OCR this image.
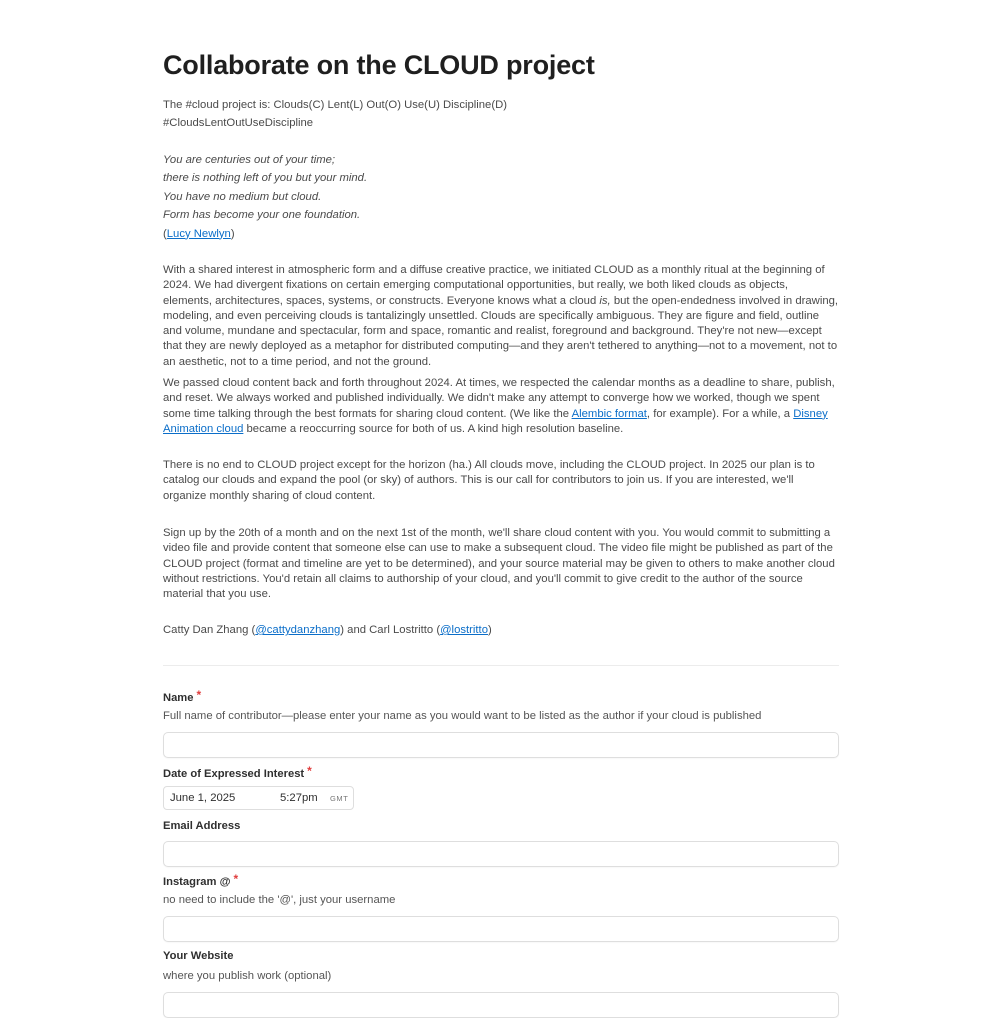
Collaborate on the CLOUD project

The #cloud project is: Clouds(C) Lent(L) Out(O) Use(U) Discipline(D)

#CloudsLentOutUseDiscipline

You are centuries out of your time;

there is nothing left of you but your mind.

You have no medium but cloud.

Form has become your one foundation.

(Lucy Newlyn)

With a shared interest in atmospheric form and a diffuse creative practice, we initiated CLOUD as a monthly ritual at the beginning of 2024. We had divergent fixations on certain emerging computational opportunities, but really, we both liked clouds as objects, elements, architectures, spaces, systems, or constructs. Everyone knows what a cloud is, but the open-endedness involved in drawing, modeling, and even perceiving clouds is tantalizingly unsettled. Clouds are specifically ambiguous. They are figure and field, outline and volume, mundane and spectacular, form and space, romantic and realist, foreground and background. They're not new—except that they are newly deployed as a metaphor for distributed computing—and they aren't tethered to anything—not to a movement, not to an aesthetic, not to a time period, and not the ground.

We passed cloud content back and forth throughout 2024. At times, we respected the calendar months as a deadline to share, publish, and reset. We always worked and published individually. We didn't make any attempt to converge how we worked, though we spent some time talking through the best formats for sharing cloud content. (We like the Alembic format, for example). For a while, a Disney Animation cloud became a reoccurring source for both of us. A kind high resolution baseline.

There is no end to CLOUD project except for the horizon (ha.) All clouds move, including the CLOUD project. In 2025 our plan is to catalog our clouds and expand the pool (or sky) of authors. This is our call for contributors to join us. If you are interested, we'll organize monthly sharing of cloud content.

Sign up by the 20th of a month and on the next 1st of the month, we'll share cloud content with you. You would commit to submitting a video file and provide content that someone else can use to make a subsequent cloud. The video file might be published as part of the CLOUD project (format and timeline are yet to be determined), and your source material may be given to others to make another cloud without restrictions. You'd retain all claims to authorship of your cloud, and you'll commit to give credit to the author of the source material that you use.

Catty Dan Zhang (@cattydanzhang) and Carl Lostritto (@lostritto)

Name *
Full name of contributor—please enter your name as you would want to be listed as the author if your cloud is published
Date of Expressed Interest *
June 1, 2025	5:27pm GMT
Email Address
Instagram @ *
no need to include the '@', just your username
Your Website
where you publish work (optional)
